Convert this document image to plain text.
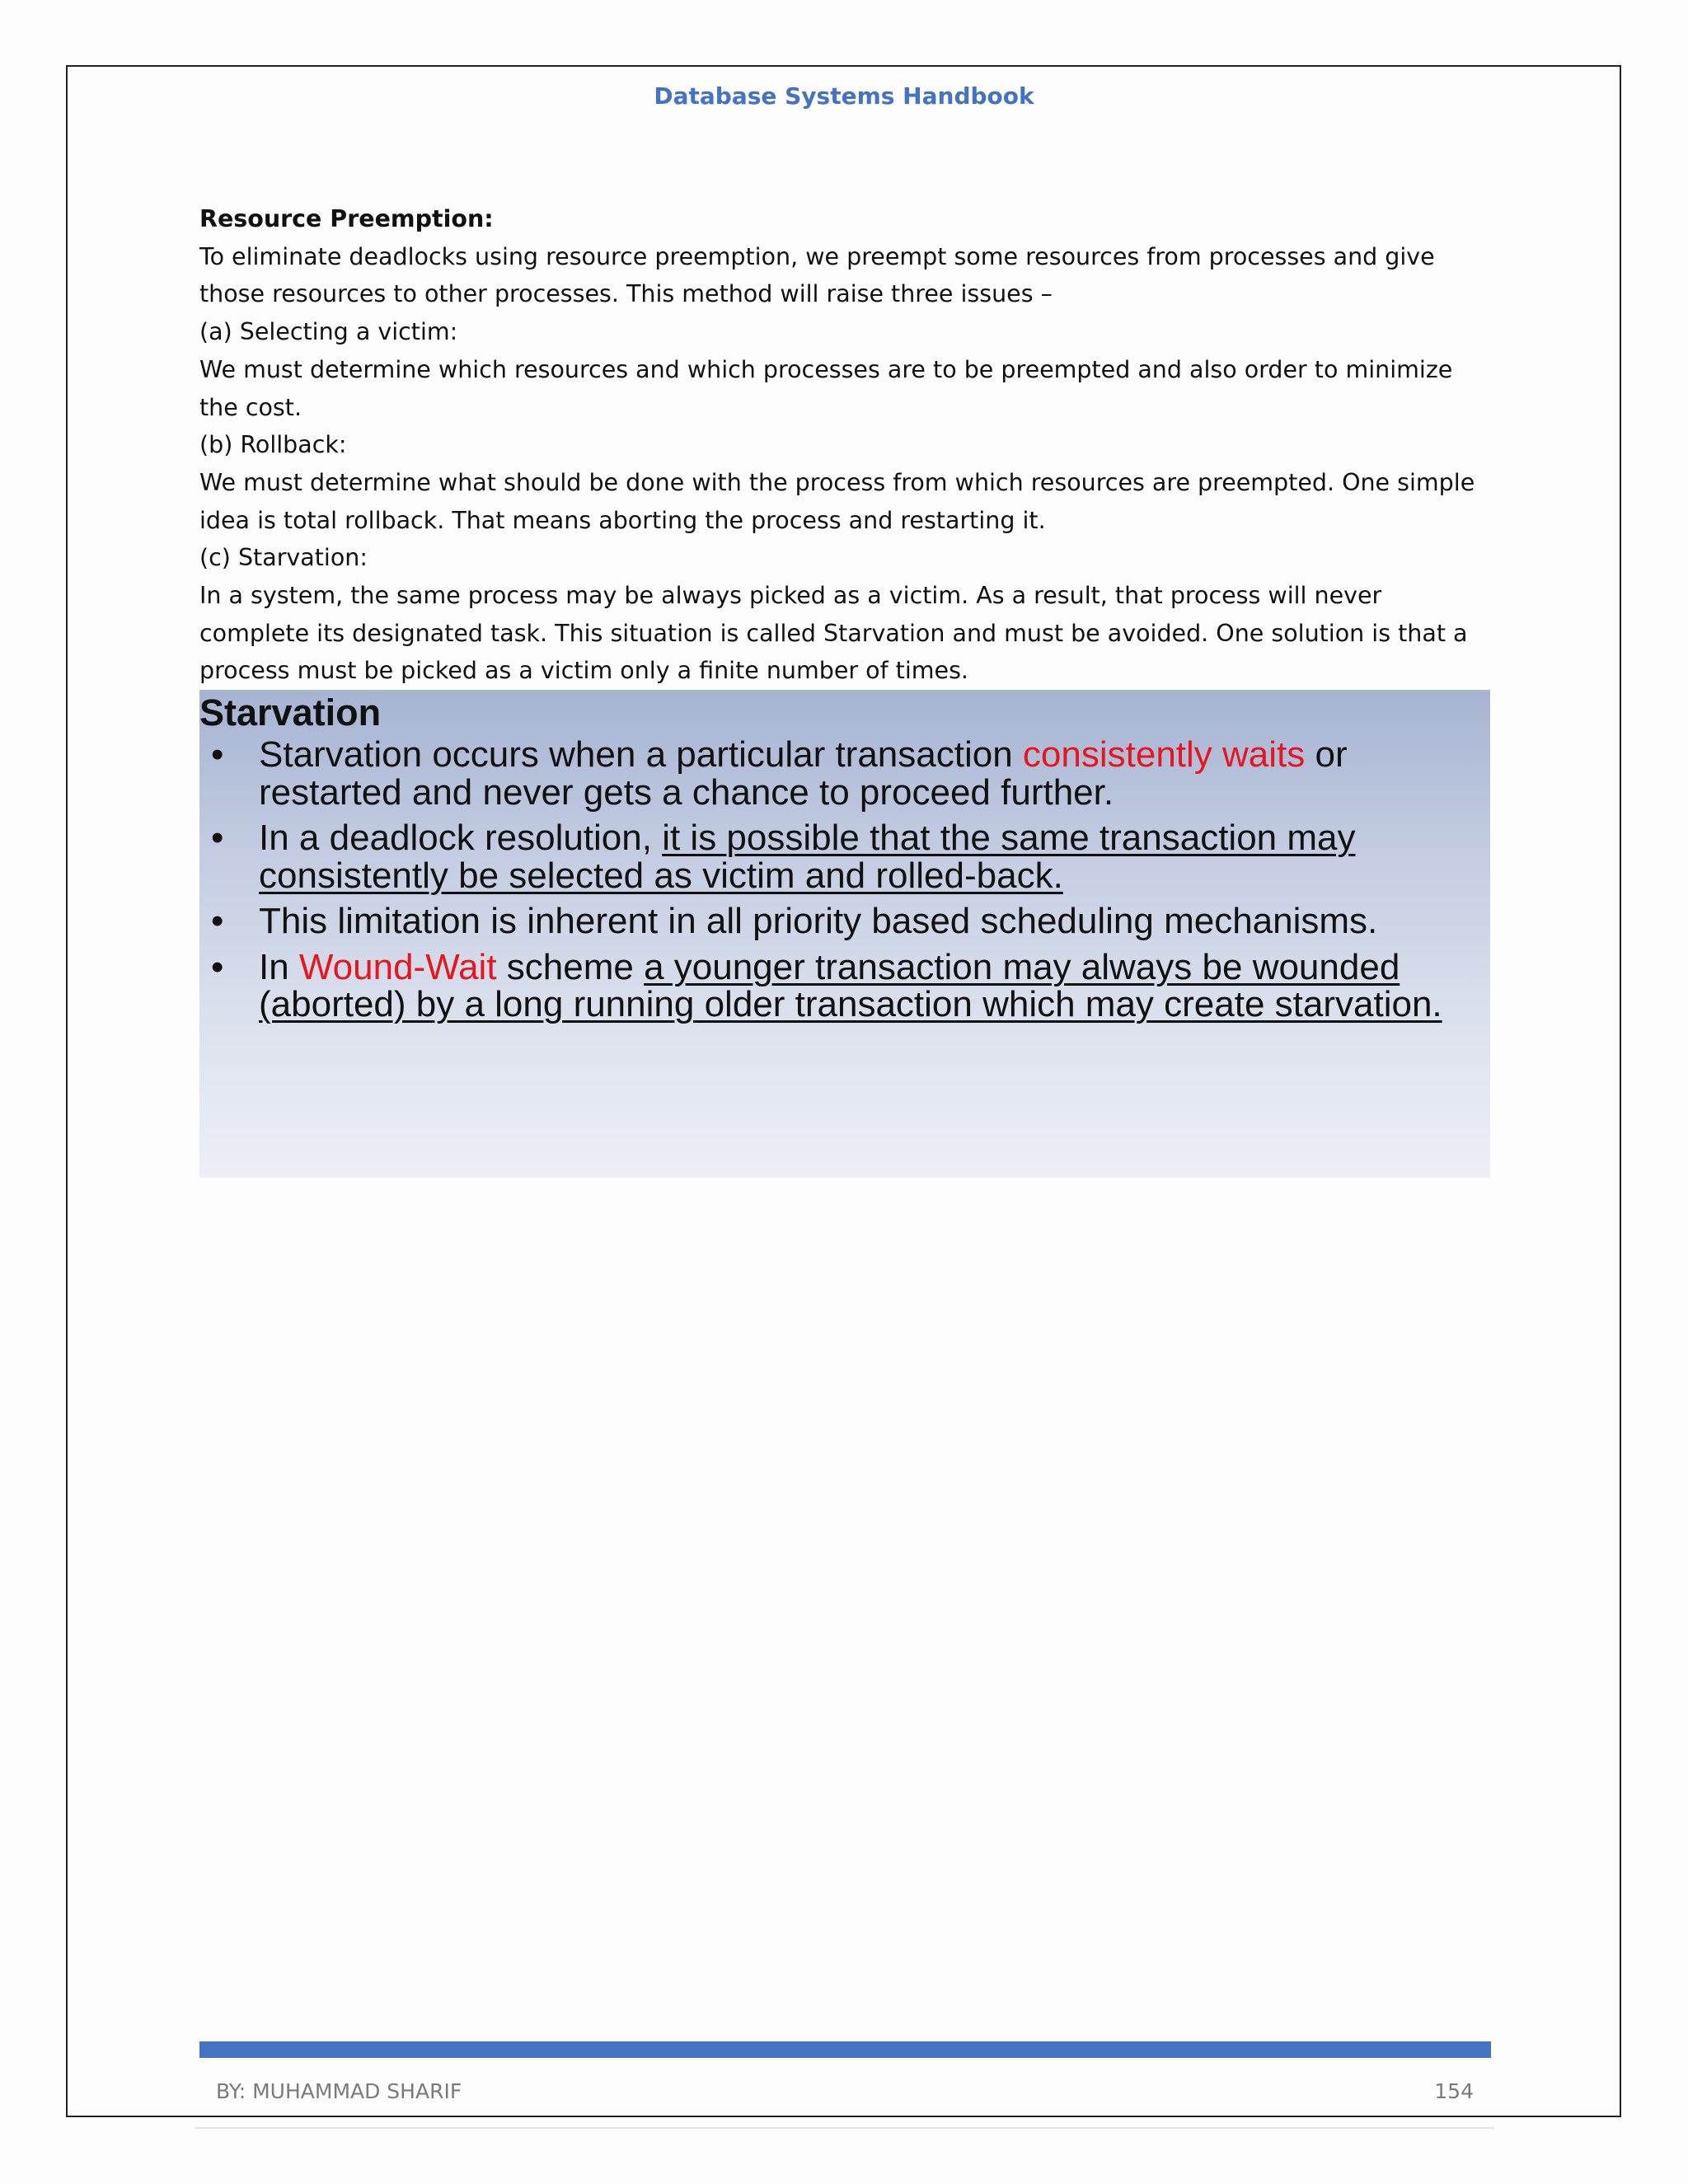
Database Systems Handbook

Resource Preemption:

To eliminate deadlocks using resource preemption, we preempt some resources from processes and give those resources to other processes. This method will raise three issues –

(a) Selecting a victim:

We must determine which resources and which processes are to be preempted and also order to minimize the cost.

(b) Rollback:

We must determine what should be done with the process from which resources are preempted. One simple idea is total rollback. That means aborting the process and restarting it.

(c) Starvation:

In a system, the same process may be always picked as a victim. As a result, that process will never complete its designated task. This situation is called Starvation and must be avoided. One solution is that a process must be picked as a victim only a finite number of times.

Starvation
• Starvation occurs when a particular transaction consistently waits or restarted and never gets a chance to proceed further.
• In a deadlock resolution, it is possible that the same transaction may consistently be selected as victim and rolled-back.
• This limitation is inherent in all priority based scheduling mechanisms.
• In Wound-Wait scheme a younger transaction may always be wounded (aborted) by a long running older transaction which may create starvation.
BY: MUHAMMAD SHARIF	154
